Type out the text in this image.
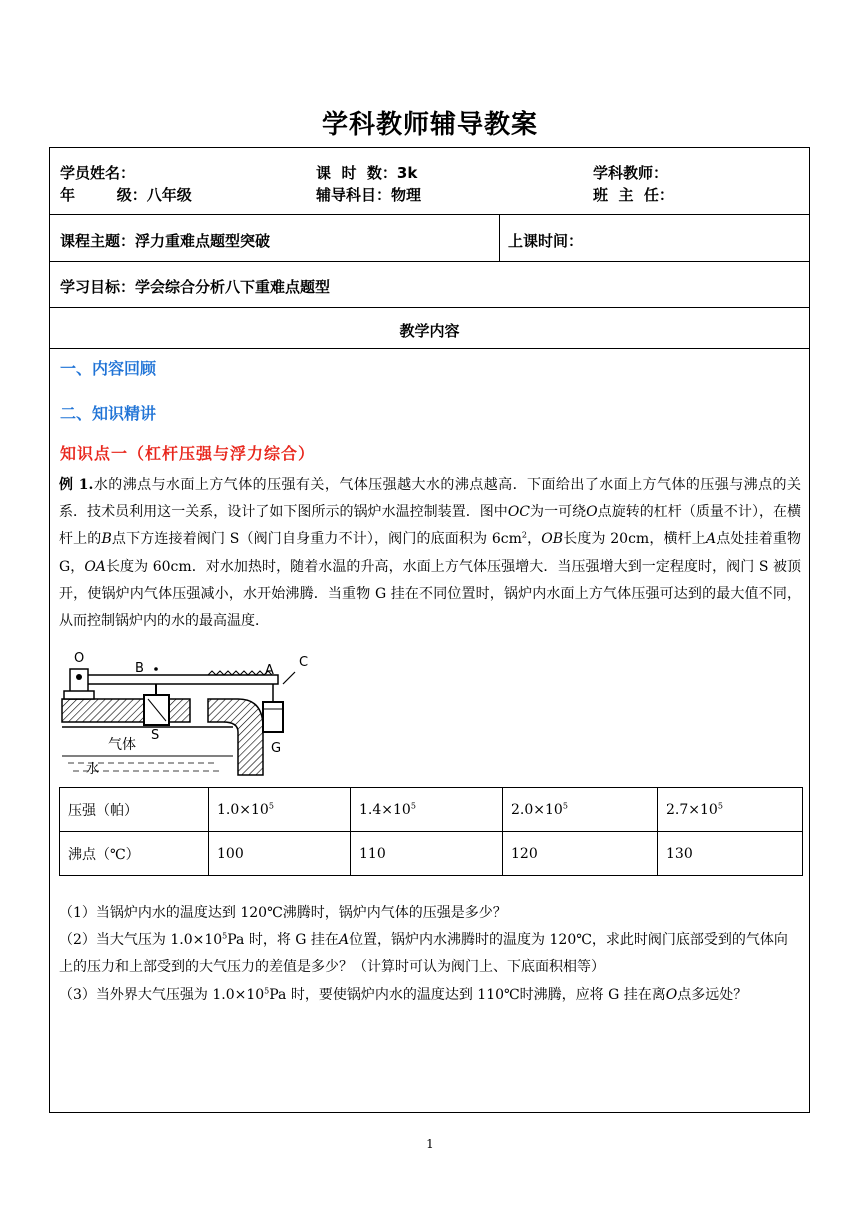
学科教师辅导教案
学员姓名：	课  时  数：3k	学科教师：
年        级：八年级	辅导科目：物理	班  主  任：
课程主题：浮力重难点题型突破	上课时间：
学习目标：学会综合分析八下重难点题型
教学内容
一、内容回顾
二、知识精讲
知识点一（杠杆压强与浮力综合）
例 1.水的沸点与水面上方气体的压强有关，气体压强越大水的沸点越高．下面给出了水面上方气体的压强与沸点的关系．技术员利用这一关系，设计了如下图所示的锅炉水温控制装置．图中OC为一可绕O点旋转的杠杆（质量不计），在横杆上的B点下方连接着阀门 S（阀门自身重力不计），阀门的底面积为 $6cm^2$，OB长度为 20cm，横杆上A点处挂着重物 G，OA长度为 60cm．对水加热时，随着水温的升高，水面上方气体压强增大．当压强增大到一定程度时，阀门 S 被顶开，使锅炉内气体压强减小，水开始沸腾．当重物 G 挂在不同位置时，锅炉内水面上方气体压强可达到的最大值不同，从而控制锅炉内的水的最高温度．
O
B	A
C
S
G
气体
水
压强（帕）	$1.0\times 10^5$	$1.4\times 10^5$	$2.0\times 10^5$	$2.7\times 10^5$
沸点（℃）	100	110	120	130
（1）当锅炉内水的温度达到 120℃沸腾时，锅炉内气体的压强是多少？
（2）当大气压为 $1.0\times 10^5Pa$ 时，将 G 挂在A位置，锅炉内水沸腾时的温度为 120℃，求此时阀门底部受到的气体向上的压力和上部受到的大气压力的差值是多少？（计算时可认为阀门上、下底面积相等）
（3）当外界大气压强为 $1.0\times 10^5Pa$ 时，要使锅炉内水的温度达到 110℃时沸腾，应将 G 挂在离O点多远处？
1
